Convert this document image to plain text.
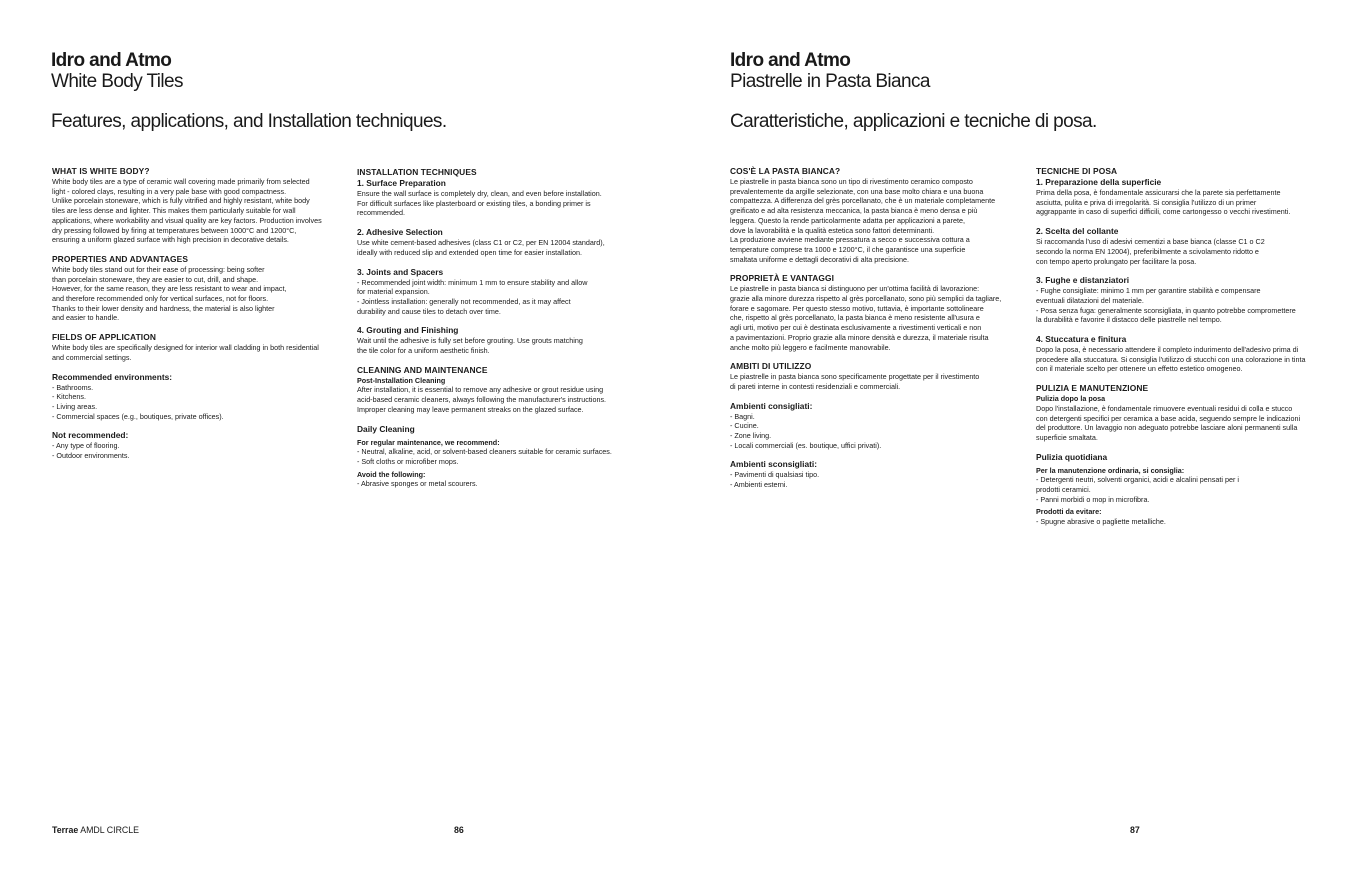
Idro and Atmo
White Body Tiles
Features, applications, and Installation techniques.
WHAT IS WHITE BODY?
White body tiles are a type of ceramic wall covering made primarily from selected
light - colored clays, resulting in a very pale base with good compactness.
Unlike porcelain stoneware, which is fully vitrified and highly resistant, white body
tiles are less dense and lighter. This makes them particularly suitable for wall
applications, where workability and visual quality are key factors. Production involves
dry pressing followed by firing at temperatures between 1000°C and 1200°C,
ensuring a uniform glazed surface with high precision in decorative details.
PROPERTIES AND ADVANTAGES
White body tiles stand out for their ease of processing: being softer
than porcelain stoneware, they are easier to cut, drill, and shape.
However, for the same reason, they are less resistant to wear and impact,
and therefore recommended only for vertical surfaces, not for floors.
Thanks to their lower density and hardness, the material is also lighter
and easier to handle.
FIELDS OF APPLICATION
White body tiles are specifically designed for interior wall cladding in both residential
and commercial settings.
Recommended environments:
- Bathrooms.
- Kitchens.
- Living areas.
- Commercial spaces (e.g., boutiques, private offices).
Not recommended:
- Any type of flooring.
- Outdoor environments.
INSTALLATION TECHNIQUES
1. Surface Preparation
Ensure the wall surface is completely dry, clean, and even before installation.
For difficult surfaces like plasterboard or existing tiles, a bonding primer is
recommended.
2. Adhesive Selection
Use white cement-based adhesives (class C1 or C2, per EN 12004 standard),
ideally with reduced slip and extended open time for easier installation.
3. Joints and Spacers
- Recommended joint width: minimum 1 mm to ensure stability and allow
for material expansion.
- Jointless installation: generally not recommended, as it may affect
durability and cause tiles to detach over time.
4. Grouting and Finishing
Wait until the adhesive is fully set before grouting. Use grouts matching
the tile color for a uniform aesthetic finish.
CLEANING AND MAINTENANCE
Post-Installation Cleaning
After installation, it is essential to remove any adhesive or grout residue using
acid-based ceramic cleaners, always following the manufacturer's instructions.
Improper cleaning may leave permanent streaks on the glazed surface.
Daily Cleaning
For regular maintenance, we recommend:
- Neutral, alkaline, acid, or solvent-based cleaners suitable for ceramic surfaces.
- Soft cloths or microfiber mops.
Avoid the following:
- Abrasive sponges or metal scourers.
Terrae AMDL CIRCLE	86
Idro and Atmo
Piastrelle in Pasta Bianca
Caratteristiche, applicazioni e tecniche di posa.
COS'È LA PASTA BIANCA?
Le piastrelle in pasta bianca sono un tipo di rivestimento ceramico composto
prevalentemente da argille selezionate, con una base molto chiara e una buona
compattezza. A differenza del grès porcellanato, che è un materiale completamente
greificato e ad alta resistenza meccanica, la pasta bianca è meno densa e più
leggera. Questo la rende particolarmente adatta per applicazioni a parete,
dove la lavorabilità e la qualità estetica sono fattori determinanti.
La produzione avviene mediante pressatura a secco e successiva cottura a
temperature comprese tra 1000 e 1200°C, il che garantisce una superficie
smaltata uniforme e dettagli decorativi di alta precisione.
PROPRIETÀ E VANTAGGI
Le piastrelle in pasta bianca si distinguono per un'ottima facilità di lavorazione:
grazie alla minore durezza rispetto al grès porcellanato, sono più semplici da tagliare,
forare e sagomare. Per questo stesso motivo, tuttavia, è importante sottolineare
che, rispetto al grès porcellanato, la pasta bianca è meno resistente all'usura e
agli urti, motivo per cui è destinata esclusivamente a rivestimenti verticali e non
a pavimentazioni. Proprio grazie alla minore densità e durezza, il materiale risulta
anche molto più leggero e facilmente manovrabile.
AMBITI DI UTILIZZO
Le piastrelle in pasta bianca sono specificamente progettate per il rivestimento
di pareti interne in contesti residenziali e commerciali.
Ambienti consigliati:
- Bagni.
- Cucine.
- Zone living.
- Locali commerciali (es. boutique, uffici privati).
Ambienti sconsigliati:
- Pavimenti di qualsiasi tipo.
- Ambienti esterni.
TECNICHE DI POSA
1. Preparazione della superficie
Prima della posa, è fondamentale assicurarsi che la parete sia perfettamente
asciutta, pulita e priva di irregolarità. Si consiglia l'utilizzo di un primer
aggrappante in caso di superfici difficili, come cartongesso o vecchi rivestimenti.
2. Scelta del collante
Si raccomanda l'uso di adesivi cementizi a base bianca (classe C1 o C2
secondo la norma EN 12004), preferibilmente a scivolamento ridotto e
con tempo aperto prolungato per facilitare la posa.
3. Fughe e distanziatori
- Fughe consigliate: minimo 1 mm per garantire stabilità e compensare
eventuali dilatazioni del materiale.
- Posa senza fuga: generalmente sconsigliata, in quanto potrebbe compromettere
la durabilità e favorire il distacco delle piastrelle nel tempo.
4. Stuccatura e finitura
Dopo la posa, è necessario attendere il completo indurimento dell'adesivo prima di
procedere alla stuccatura. Si consiglia l'utilizzo di stucchi con una colorazione in tinta
con il materiale scelto per ottenere un effetto estetico omogeneo.
PULIZIA E MANUTENZIONE
Pulizia dopo la posa
Dopo l'installazione, è fondamentale rimuovere eventuali residui di colla e stucco
con detergenti specifici per ceramica a base acida, seguendo sempre le indicazioni
del produttore. Un lavaggio non adeguato potrebbe lasciare aloni permanenti sulla
superficie smaltata.
Pulizia quotidiana
Per la manutenzione ordinaria, si consiglia:
- Detergenti neutri, solventi organici, acidi e alcalini pensati per i
prodotti ceramici.
- Panni morbidi o mop in microfibra.
Prodotti da evitare:
- Spugne abrasive o pagliette metalliche.
87
